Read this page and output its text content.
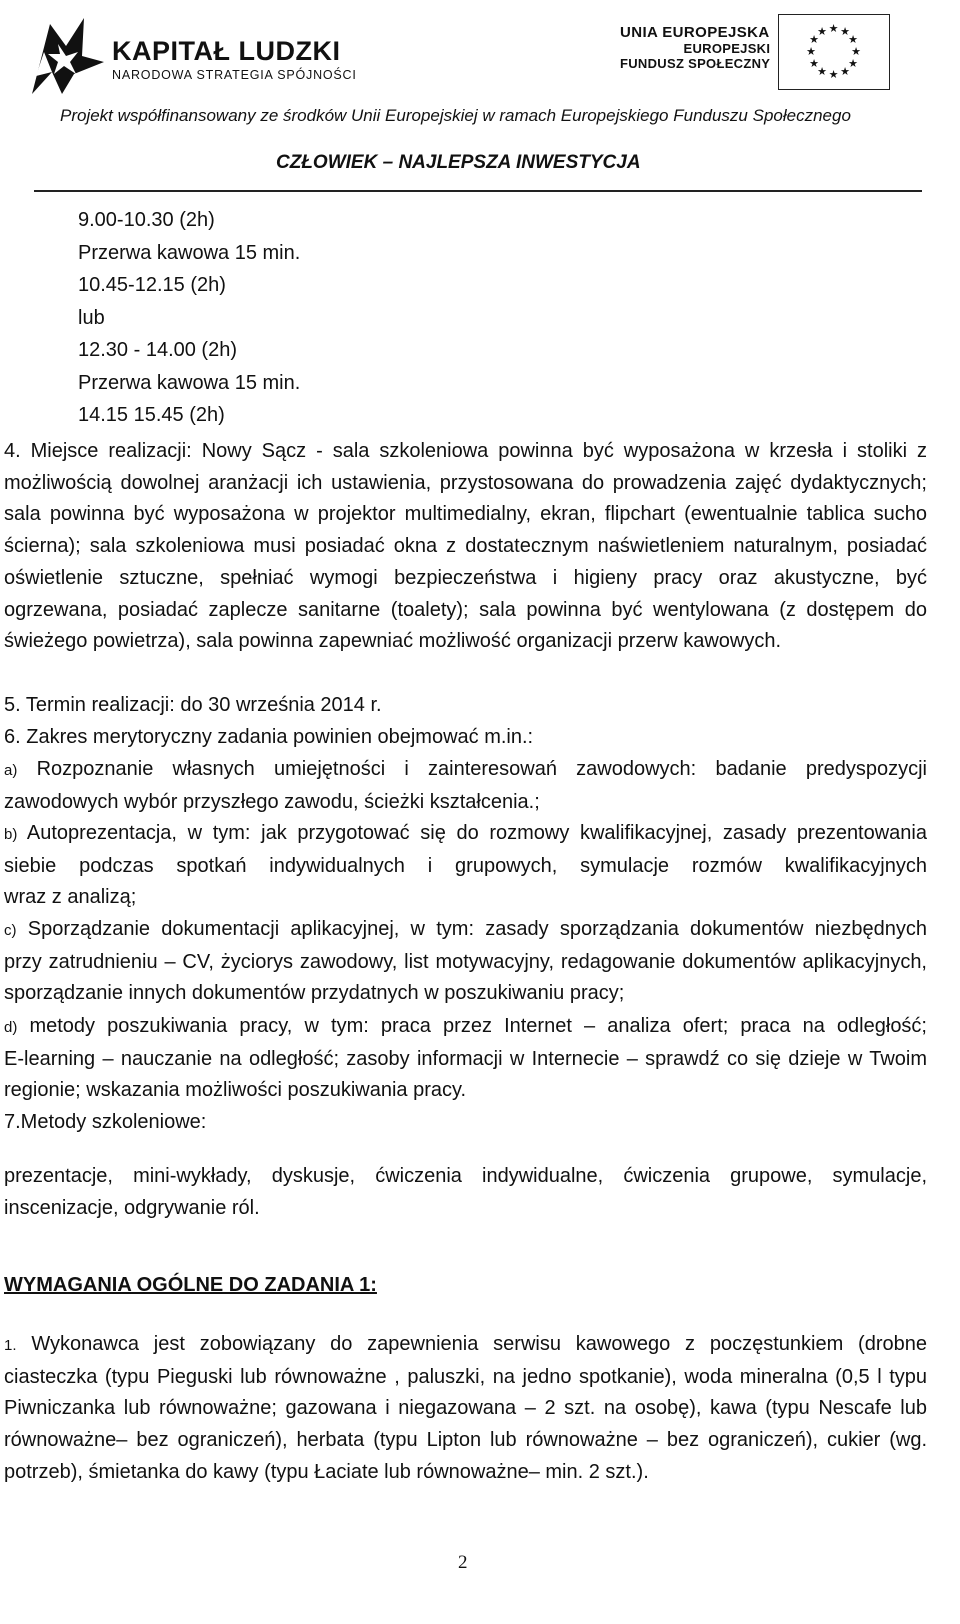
KAPITAŁ LUDZKI
NARODOWA STRATEGIA SPÓJNOŚCI
UNIA EUROPEJSKA
EUROPEJSKI
FUNDUSZ SPOŁECZNY
★ ★
★
★
★
★
★
★
★
★
★
★
Projekt współfinansowany ze środków Unii Europejskiej w ramach Europejskiego Funduszu Społecznego
CZŁOWIEK – NAJLEPSZA INWESTYCJA
9.00-10.30 (2h)
Przerwa kawowa 15 min.
10.45-12.15 (2h)
lub
12.30 - 14.00 (2h)
Przerwa kawowa 15 min.
14.15 15.45 (2h)
4. Miejsce realizacji: Nowy Sącz - sala szkoleniowa powinna być wyposażona w krzesła i stoliki z
możliwością dowolnej aranżacji ich ustawienia, przystosowana do prowadzenia zajęć dydaktycznych;
sala powinna być wyposażona w projektor multimedialny, ekran, flipchart (ewentualnie tablica sucho
ścierna); sala szkoleniowa musi posiadać okna z dostatecznym naświetleniem naturalnym, posiadać
oświetlenie sztuczne, spełniać wymogi bezpieczeństwa i higieny pracy oraz akustyczne, być
ogrzewana, posiadać zaplecze sanitarne (toalety); sala powinna być wentylowana (z dostępem do
świeżego powietrza), sala powinna zapewniać możliwość organizacji przerw kawowych.
5. Termin realizacji: do 30 września 2014 r.
6. Zakres merytoryczny zadania powinien obejmować m.in.:
a) Rozpoznanie własnych umiejętności i zainteresowań zawodowych: badanie predyspozycji
zawodowych wybór przyszłego zawodu, ścieżki kształcenia.;
b) Autoprezentacja, w tym: jak przygotować się do rozmowy kwalifikacyjnej, zasady prezentowania
siebie podczas spotkań indywidualnych i grupowych, symulacje rozmów kwalifikacyjnych
wraz z analizą;
c) Sporządzanie dokumentacji aplikacyjnej, w tym: zasady sporządzania dokumentów niezbędnych
przy zatrudnieniu – CV, życiorys zawodowy, list motywacyjny, redagowanie dokumentów aplikacyjnych,
sporządzanie innych dokumentów przydatnych w poszukiwaniu pracy;
d) metody poszukiwania pracy, w tym: praca przez Internet – analiza ofert; praca na odległość;
E-learning – nauczanie na odległość; zasoby informacji w Internecie – sprawdź co się dzieje w Twoim
regionie; wskazania możliwości poszukiwania pracy.
7.Metody szkoleniowe:
prezentacje, mini-wykłady, dyskusje, ćwiczenia indywidualne, ćwiczenia grupowe, symulacje,
inscenizacje, odgrywanie ról.
WYMAGANIA OGÓLNE DO ZADANIA 1:
1. Wykonawca jest zobowiązany do zapewnienia serwisu kawowego z poczęstunkiem (drobne
ciasteczka (typu Pieguski lub równoważne , paluszki, na jedno spotkanie), woda mineralna (0,5 l typu
Piwniczanka lub równoważne; gazowana i niegazowana – 2 szt. na osobę), kawa (typu Nescafe lub
równoważne– bez ograniczeń), herbata (typu Lipton lub równoważne – bez ograniczeń), cukier (wg.
potrzeb), śmietanka do kawy (typu Łaciate lub równoważne– min. 2 szt.).
2
